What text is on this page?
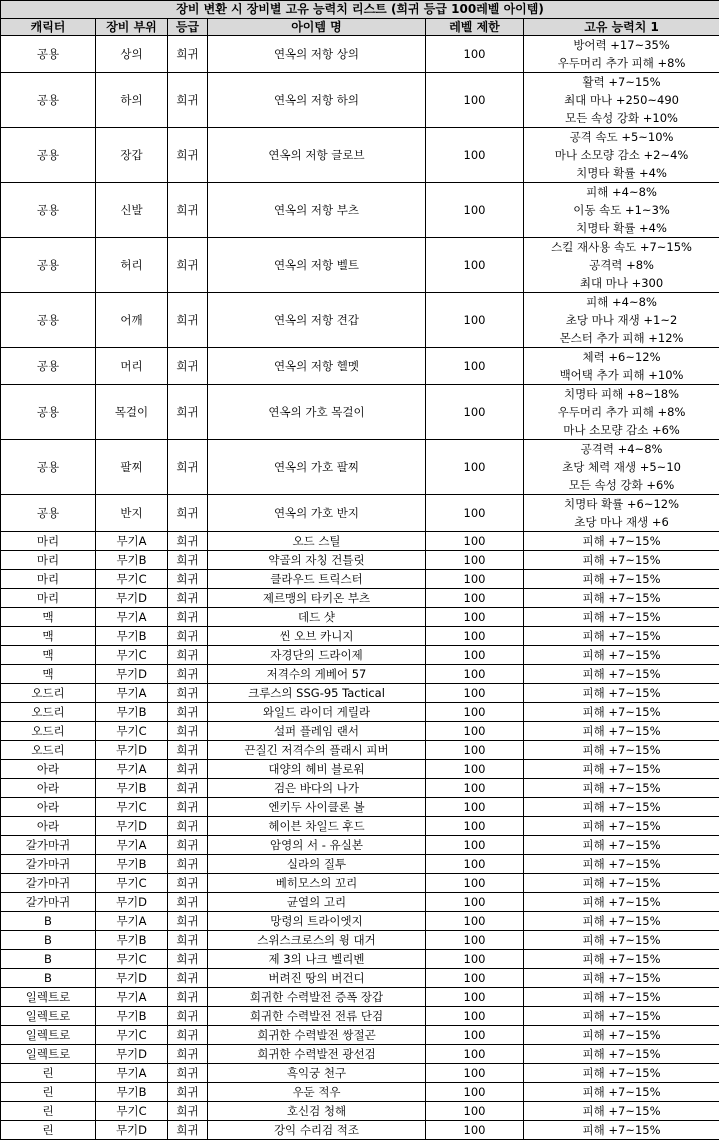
장비 변환 시 장비별 고유 능력치 리스트 (희귀 등급 100레벨 아이템)					
캐릭터	장비 부위	등급	아이템 명	레벨 제한	고유 능력치 1
공용	상의	희귀	연옥의 저항 상의	100	방어력 +17~35%
우두머리 추가 피해 +8%

공용	하의	희귀	연옥의 저항 하의	100	활력 +7~15%
최대 마나 +250~490
모든 속성 강화 +10%

공용	장갑	희귀	연옥의 저항 글로브	100	공격 속도 +5~10%
마나 소모량 감소 +2~4%
치명타 확률 +4%

공용	신발	희귀	연옥의 저항 부츠	100	피해 +4~8%
이동 속도 +1~3%
치명타 확률 +4%

공용	허리	희귀	연옥의 저항 벨트	100	스킬 재사용 속도 +7~15%
공격력 +8%
최대 마나 +300

공용	어깨	희귀	연옥의 저항 견갑	100	피해 +4~8%
초당 마나 재생 +1~2
몬스터 추가 피해 +12%

공용	머리	희귀	연옥의 저항 헬멧	100	체력 +6~12%
백어택 추가 피해 +10%

공용	목걸이	희귀	연옥의 가호 목걸이	100	치명타 피해 +8~18%
우두머리 추가 피해 +8%
마나 소모량 감소 +6%

공용	팔찌	희귀	연옥의 가호 팔찌	100	공격력 +4~8%
초당 체력 재생 +5~10
모든 속성 강화 +6%

공용	반지	희귀	연옥의 가호 반지	100	치명타 확률 +6~12%
초당 마나 재생 +6

마리	무기A	희귀	오드 스틸	100	피해 +7~15%

마리	무기B	희귀	약골의 자칭 건틀릿	100	피해 +7~15%

마리	무기C	희귀	클라우드 트릭스터	100	피해 +7~15%

마리	무기D	희귀	제르맹의 타키온 부츠	100	피해 +7~15%

맥	무기A	희귀	데드 샷	100	피해 +7~15%

맥	무기B	희귀	씬 오브 카니지	100	피해 +7~15%

맥	무기C	희귀	자경단의 드라이제	100	피해 +7~15%

맥	무기D	희귀	저격수의 게베어 57	100	피해 +7~15%

오드리	무기A	희귀	크루스의 SSG-95 Tactical	100	피해 +7~15%

오드리	무기B	희귀	와일드 라이더 게릴라	100	피해 +7~15%

오드리	무기C	희귀	설퍼 플레임 랜서	100	피해 +7~15%

오드리	무기D	희귀	끈질긴 저격수의 플래시 피버	100	피해 +7~15%

아라	무기A	희귀	대양의 헤비 블로워	100	피해 +7~15%

아라	무기B	희귀	검은 바다의 나가	100	피해 +7~15%

아라	무기C	희귀	엔키두 사이클론 볼	100	피해 +7~15%

아라	무기D	희귀	헤이븐 차일드 후드	100	피해 +7~15%

갈가마귀	무기A	희귀	암영의 서 - 유실본	100	피해 +7~15%

갈가마귀	무기B	희귀	실라의 질투	100	피해 +7~15%

갈가마귀	무기C	희귀	베히모스의 꼬리	100	피해 +7~15%

갈가마귀	무기D	희귀	균열의 고리	100	피해 +7~15%

B	무기A	희귀	망령의 트라이엣지	100	피해 +7~15%

B	무기B	희귀	스위스크로스의 윙 대거	100	피해 +7~15%

B	무기C	희귀	제 3의 나크 벨리벤	100	피해 +7~15%

B	무기D	희귀	버려진 땅의 버건디	100	피해 +7~15%

일렉트로	무기A	희귀	희귀한 수력발전 증폭 장갑	100	피해 +7~15%

일렉트로	무기B	희귀	희귀한 수력발전 전류 단검	100	피해 +7~15%

일렉트로	무기C	희귀	희귀한 수력발전 쌍절곤	100	피해 +7~15%

일렉트로	무기D	희귀	희귀한 수력발전 광선검	100	피해 +7~15%

린	무기A	희귀	흑익궁 천구	100	피해 +7~15%

린	무기B	희귀	우둔 적우	100	피해 +7~15%

린	무기C	희귀	호신검 청해	100	피해 +7~15%

린	무기D	희귀	강익 수리검 적조	100	피해 +7~15%
